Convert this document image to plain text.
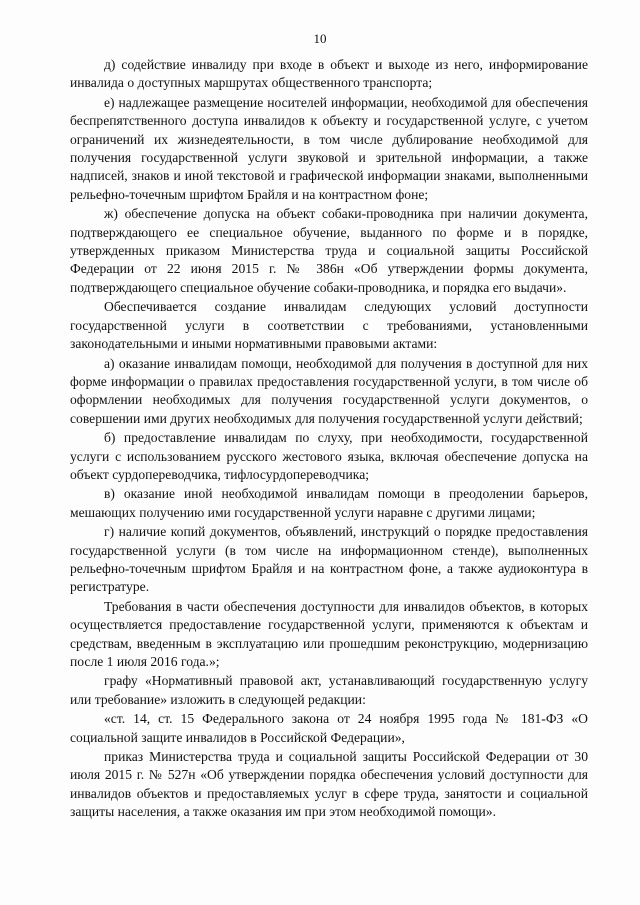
10

д) содействие инвалиду при входе в объект и выходе из него, информирование инвалида о доступных маршрутах общественного транспорта;

е) надлежащее размещение носителей информации, необходимой для обеспечения беспрепятственного доступа инвалидов к объекту и государственной услуге, с учетом ограничений их жизнедеятельности, в том числе дублирование необходимой для получения государственной услуги звуковой и зрительной информации, а также надписей, знаков и иной текстовой и графической информации знаками, выполненными рельефно-точечным шрифтом Брайля и на контрастном фоне;

ж) обеспечение допуска на объект собаки-проводника при наличии документа, подтверждающего ее специальное обучение, выданного по форме и в порядке, утвержденных приказом Министерства труда и социальной защиты Российской Федерации от 22 июня 2015 г. № 386н «Об утверждении формы документа, подтверждающего специальное обучение собаки-проводника, и порядка его выдачи».

Обеспечивается создание инвалидам следующих условий доступности государственной услуги в соответствии с требованиями, установленными законодательными и иными нормативными правовыми актами:

а) оказание инвалидам помощи, необходимой для получения в доступной для них форме информации о правилах предоставления государственной услуги, в том числе об оформлении необходимых для получения государственной услуги документов, о совершении ими других необходимых для получения государственной услуги действий;

б) предоставление инвалидам по слуху, при необходимости, государственной услуги с использованием русского жестового языка, включая обеспечение допуска на объект сурдопереводчика, тифлосурдопереводчика;

в) оказание иной необходимой инвалидам помощи в преодолении барьеров, мешающих получению ими государственной услуги наравне с другими лицами;

г) наличие копий документов, объявлений, инструкций о порядке предоставления государственной услуги (в том числе на информационном стенде), выполненных рельефно-точечным шрифтом Брайля и на контрастном фоне, а также аудиоконтура в регистратуре.

Требования в части обеспечения доступности для инвалидов объектов, в которых осуществляется предоставление государственной услуги, применяются к объектам и средствам, введенным в эксплуатацию или прошедшим реконструкцию, модернизацию после 1 июля 2016 года.»;

графу «Нормативный правовой акт, устанавливающий государственную услугу или требование» изложить в следующей редакции:

«ст. 14, ст. 15 Федерального закона от 24 ноября 1995 года № 181-ФЗ «О социальной защите инвалидов в Российской Федерации»,

приказ Министерства труда и социальной защиты Российской Федерации от 30 июля 2015 г. № 527н «Об утверждении порядка обеспечения условий доступности для инвалидов объектов и предоставляемых услуг в сфере труда, занятости и социальной защиты населения, а также оказания им при этом необходимой помощи».
